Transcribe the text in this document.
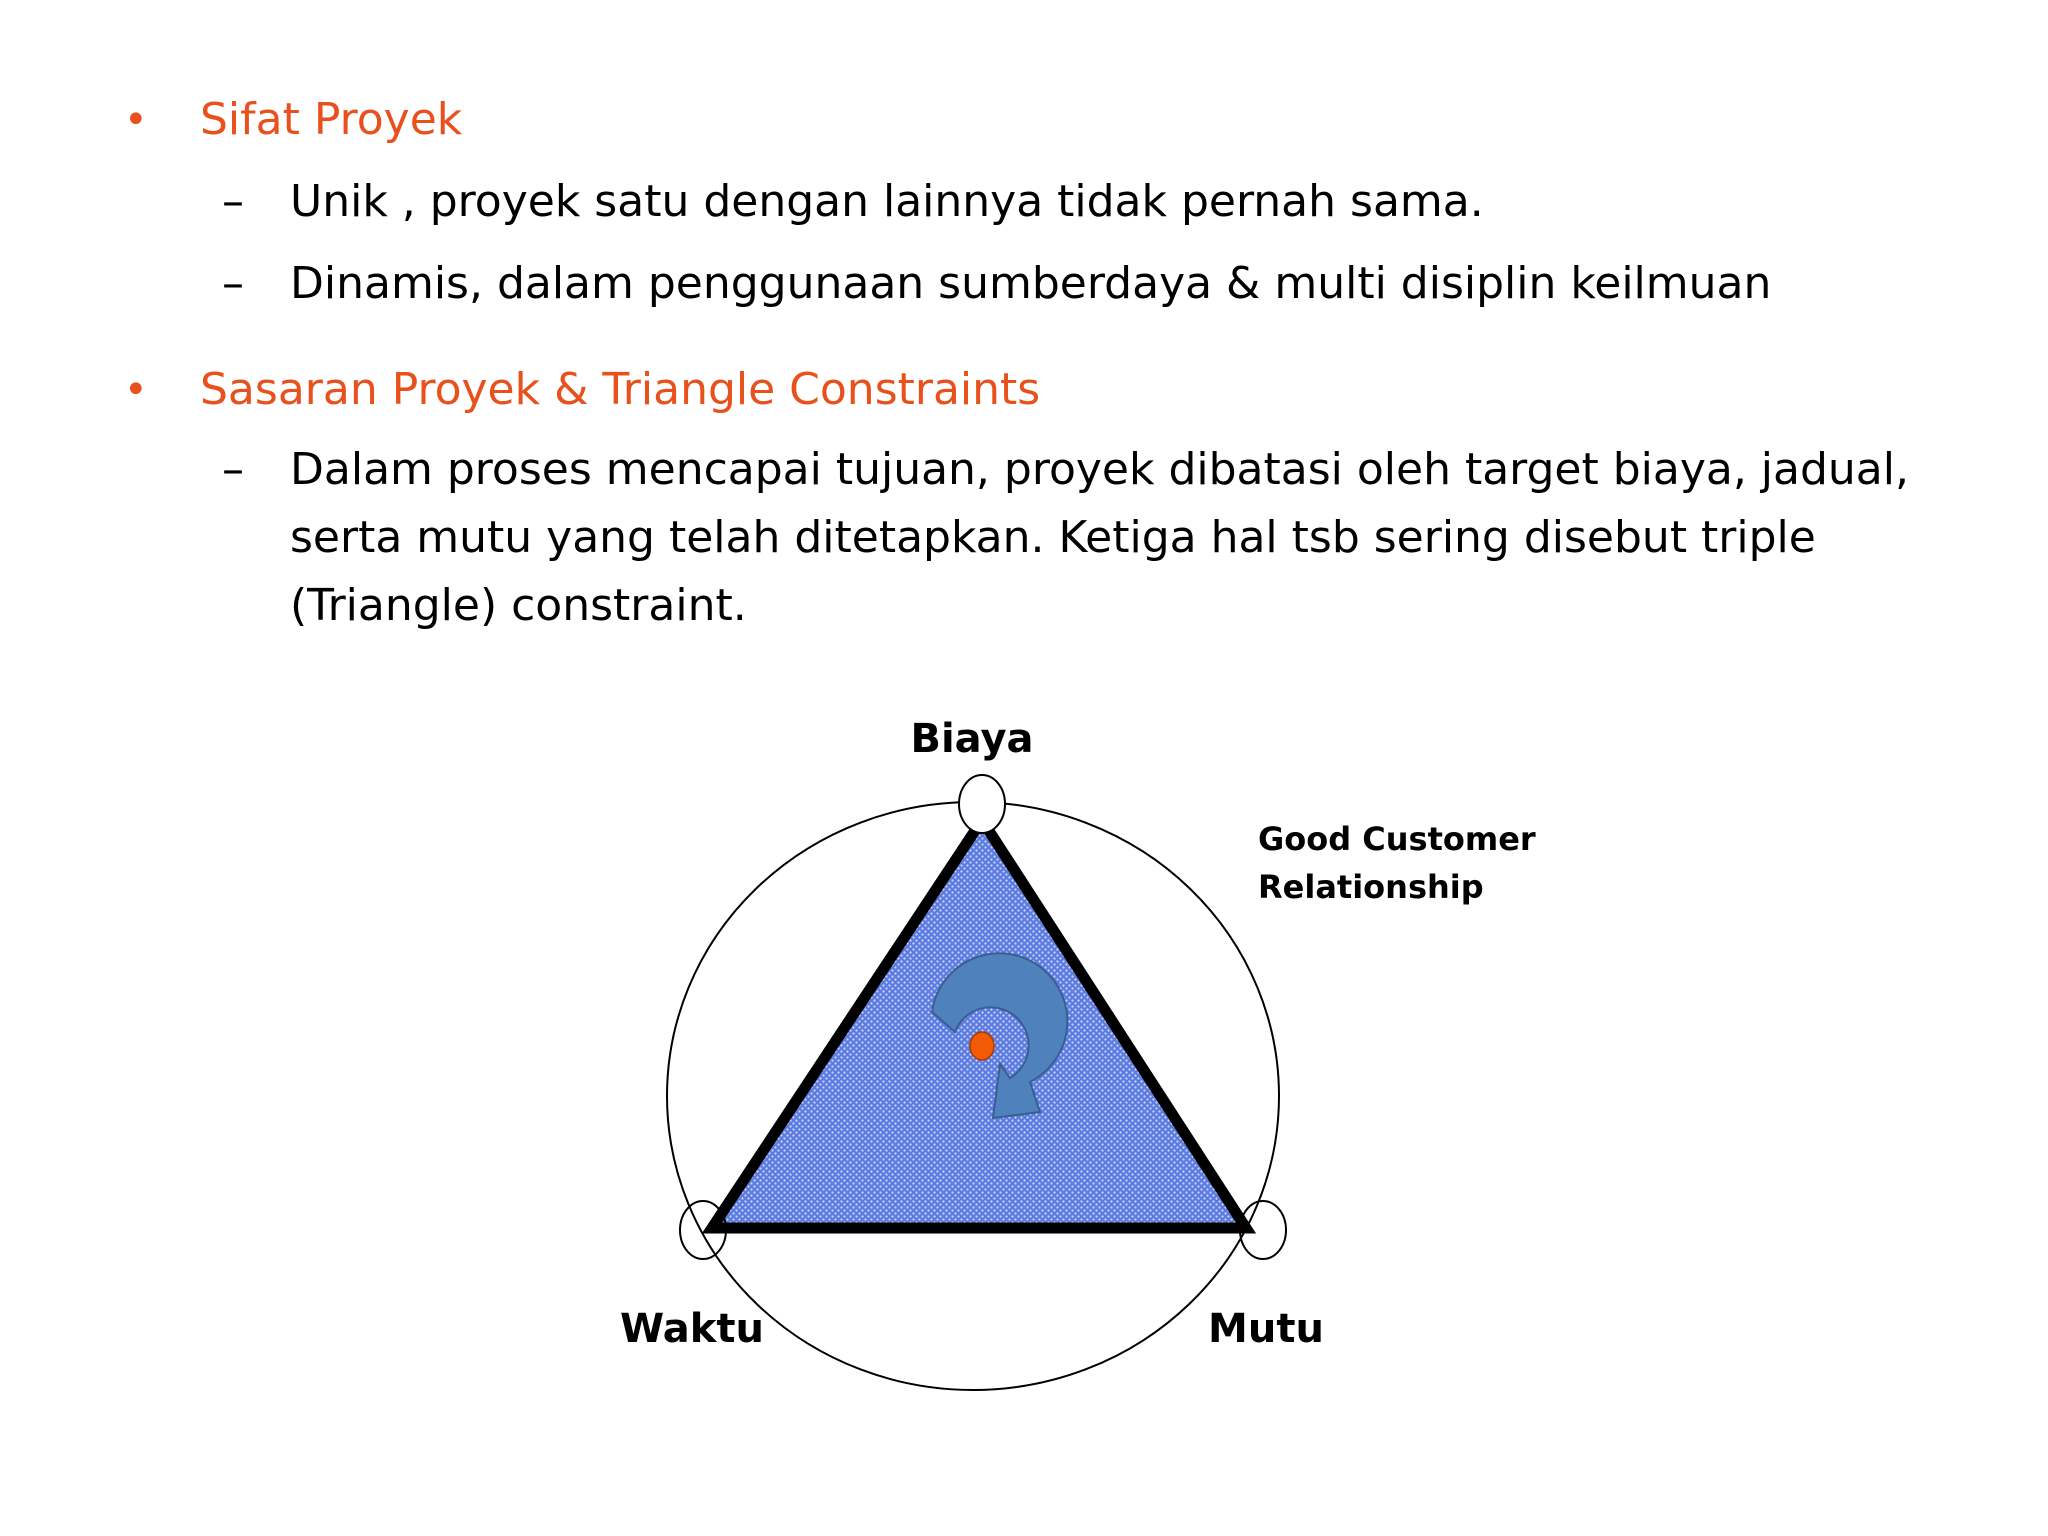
• Sifat Proyek
– Unik , proyek satu dengan lainnya tidak pernah sama.
– Dinamis, dalam penggunaan sumberdaya & multi disiplin keilmuan
• Sasaran Proyek & Triangle Constraints
– Dalam proses mencapai tujuan, proyek dibatasi oleh target biaya, jadual,
serta mutu yang telah ditetapkan. Ketiga hal tsb sering disebut triple
(Triangle) constraint.
Biaya
Waktu	Mutu
Good Customer
Relationship
